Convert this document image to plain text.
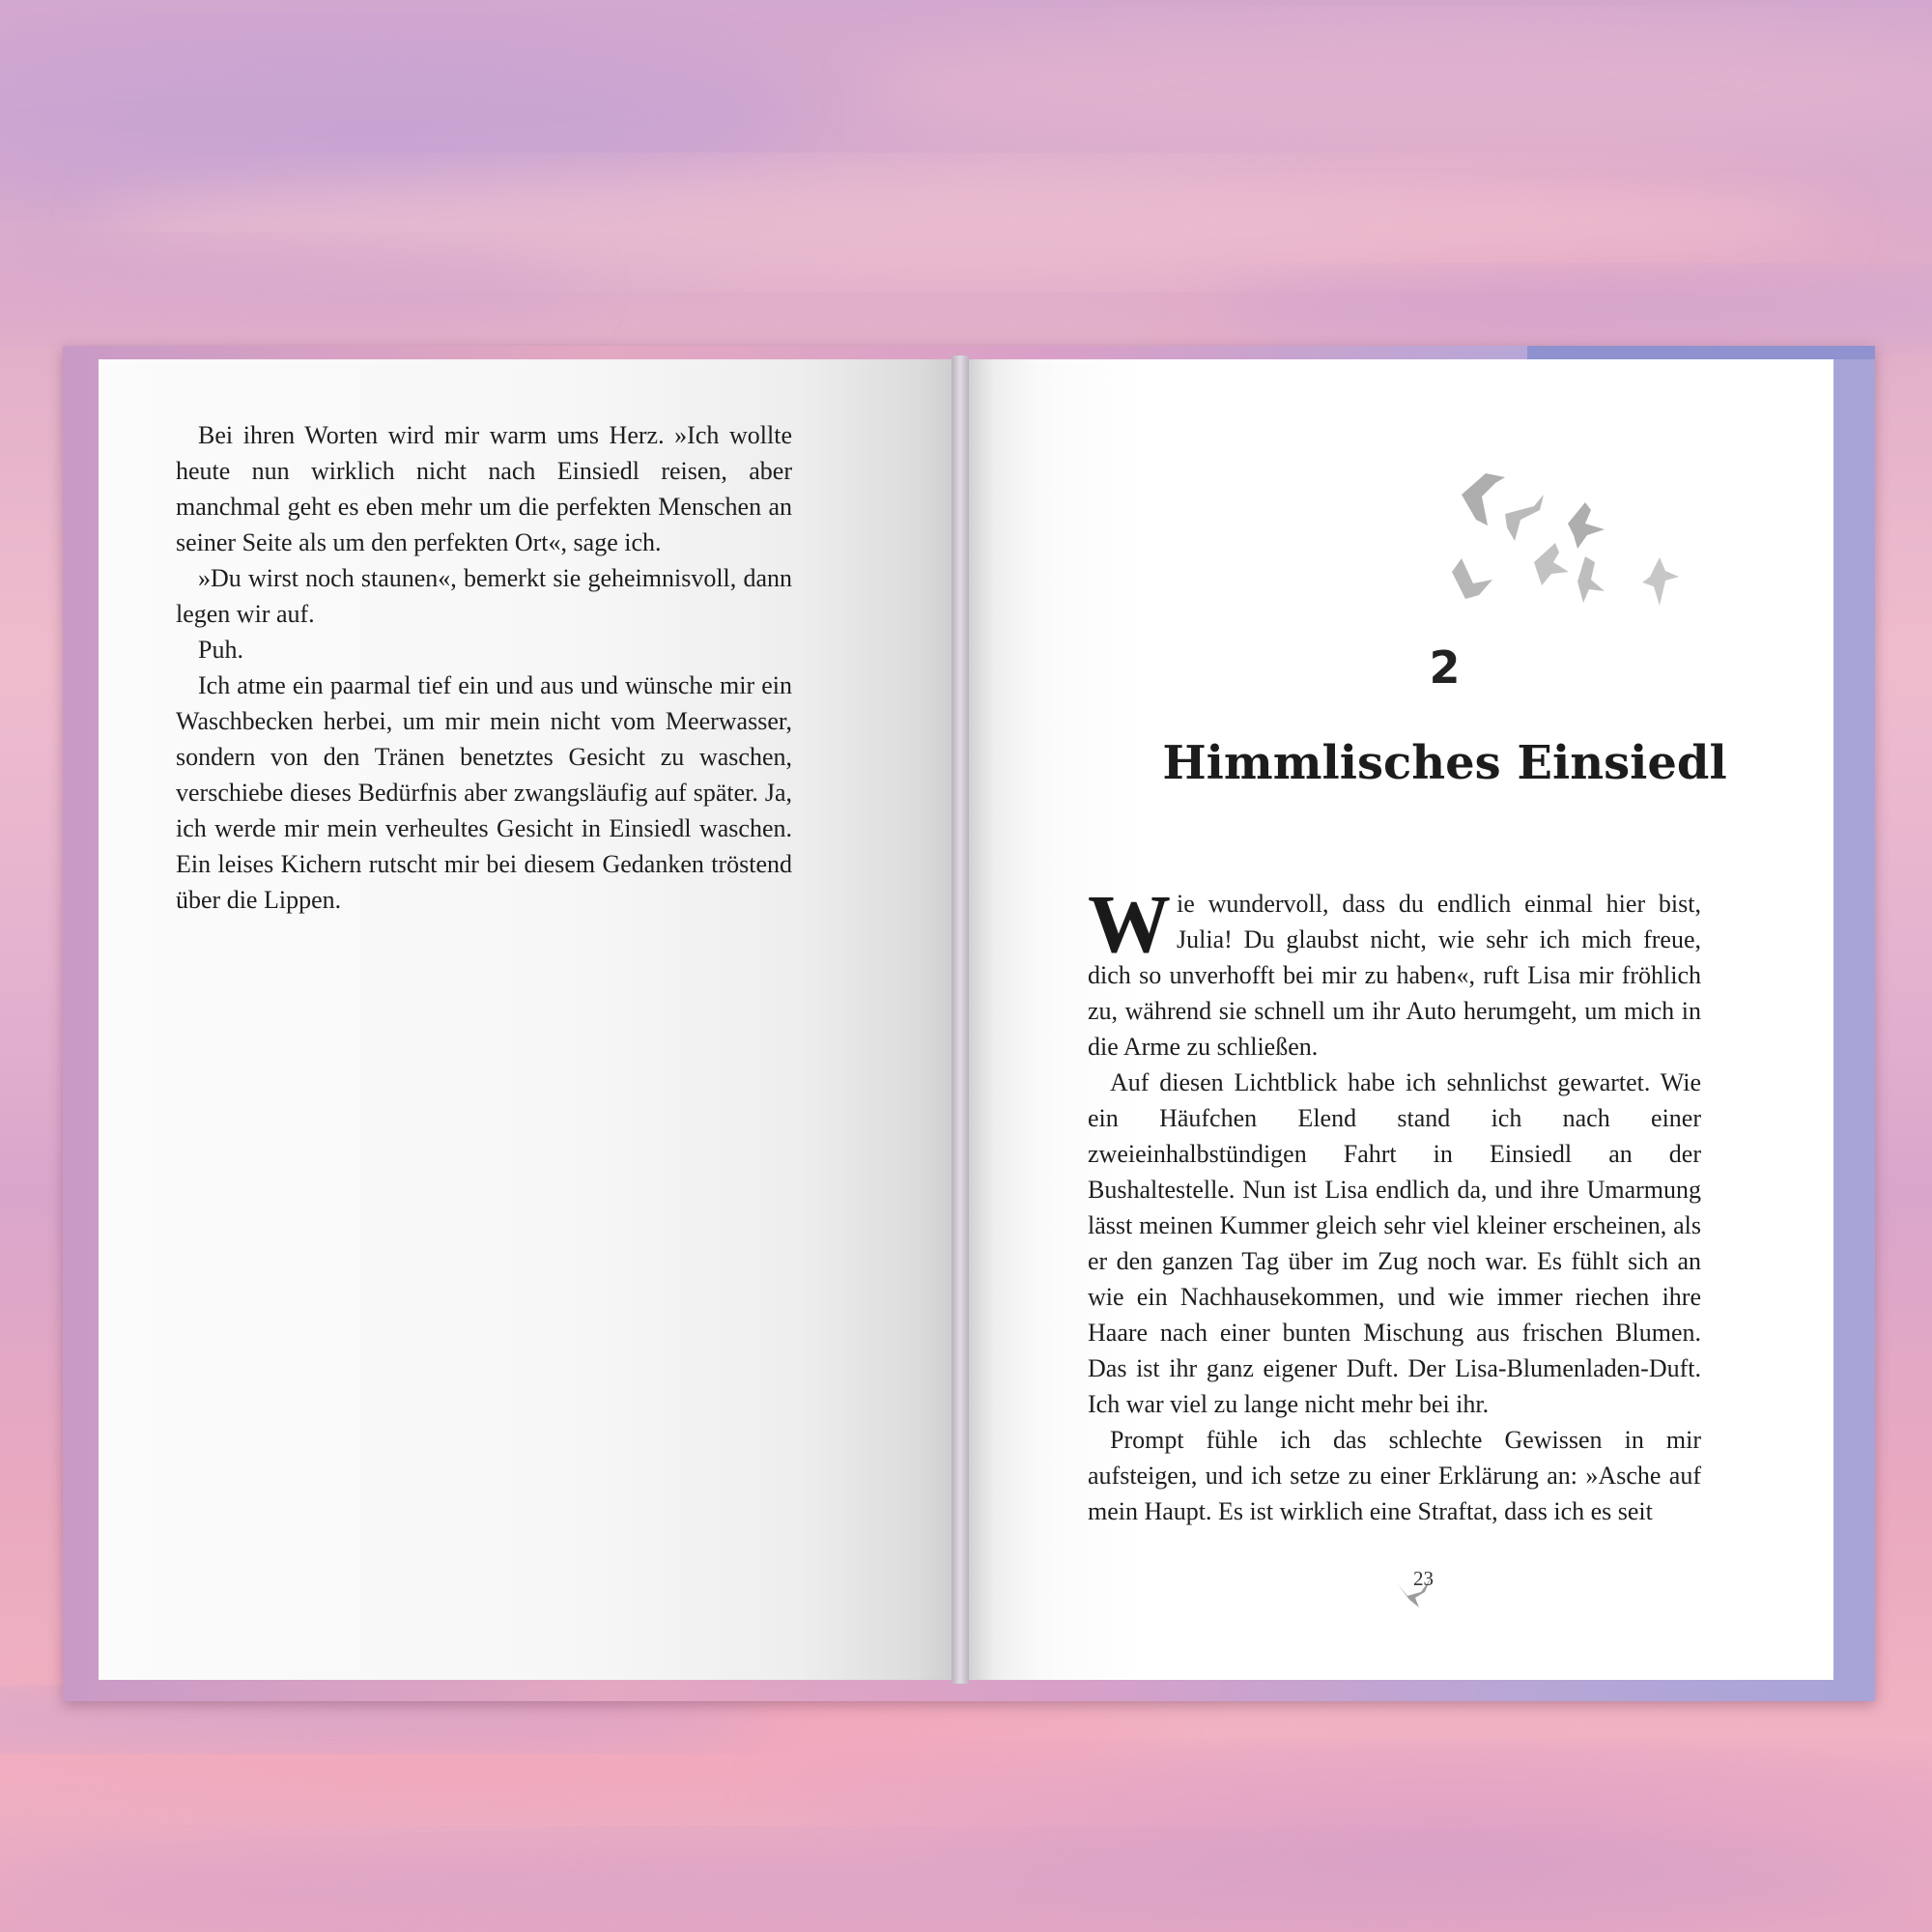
Bei ihren Worten wird mir warm ums Herz. »Ich wollte heute nun wirklich nicht nach Einsiedl reisen, aber manchmal geht es eben mehr um die perfekten Menschen an seiner Seite als um den perfekten Ort«, sage ich.

»Du wirst noch staunen«, bemerkt sie geheimnisvoll, dann legen wir auf.

Puh.

Ich atme ein paarmal tief ein und aus und wünsche mir ein Waschbecken herbei, um mir mein nicht vom Meerwasser, sondern von den Tränen benetztes Gesicht zu waschen, verschiebe dieses Bedürfnis aber zwangsläufig auf später. Ja, ich werde mir mein verheultes Gesicht in Einsiedl waschen. Ein leises Kichern rutscht mir bei diesem Gedanken tröstend über die Lippen.

2
Himmlisches Einsiedl

Wie wundervoll, dass du endlich einmal hier bist, Julia! Du glaubst nicht, wie sehr ich mich freue, dich so unverhofft bei mir zu haben«, ruft Lisa mir fröhlich zu, während sie schnell um ihr Auto herumgeht, um mich in die Arme zu schließen.

Auf diesen Lichtblick habe ich sehnlichst gewartet. Wie ein Häufchen Elend stand ich nach einer zweieinhalbstündigen Fahrt in Einsiedl an der Bushaltestelle. Nun ist Lisa endlich da, und ihre Umarmung lässt meinen Kummer gleich sehr viel kleiner erscheinen, als er den ganzen Tag über im Zug noch war. Es fühlt sich an wie ein Nachhausekommen, und wie immer riechen ihre Haare nach einer bunten Mischung aus frischen Blumen. Das ist ihr ganz eigener Duft. Der Lisa-Blumenladen-Duft. Ich war viel zu lange nicht mehr bei ihr.

Prompt fühle ich das schlechte Gewissen in mir aufsteigen, und ich setze zu einer Erklärung an: »Asche auf mein Haupt. Es ist wirklich eine Straftat, dass ich es seit

23
